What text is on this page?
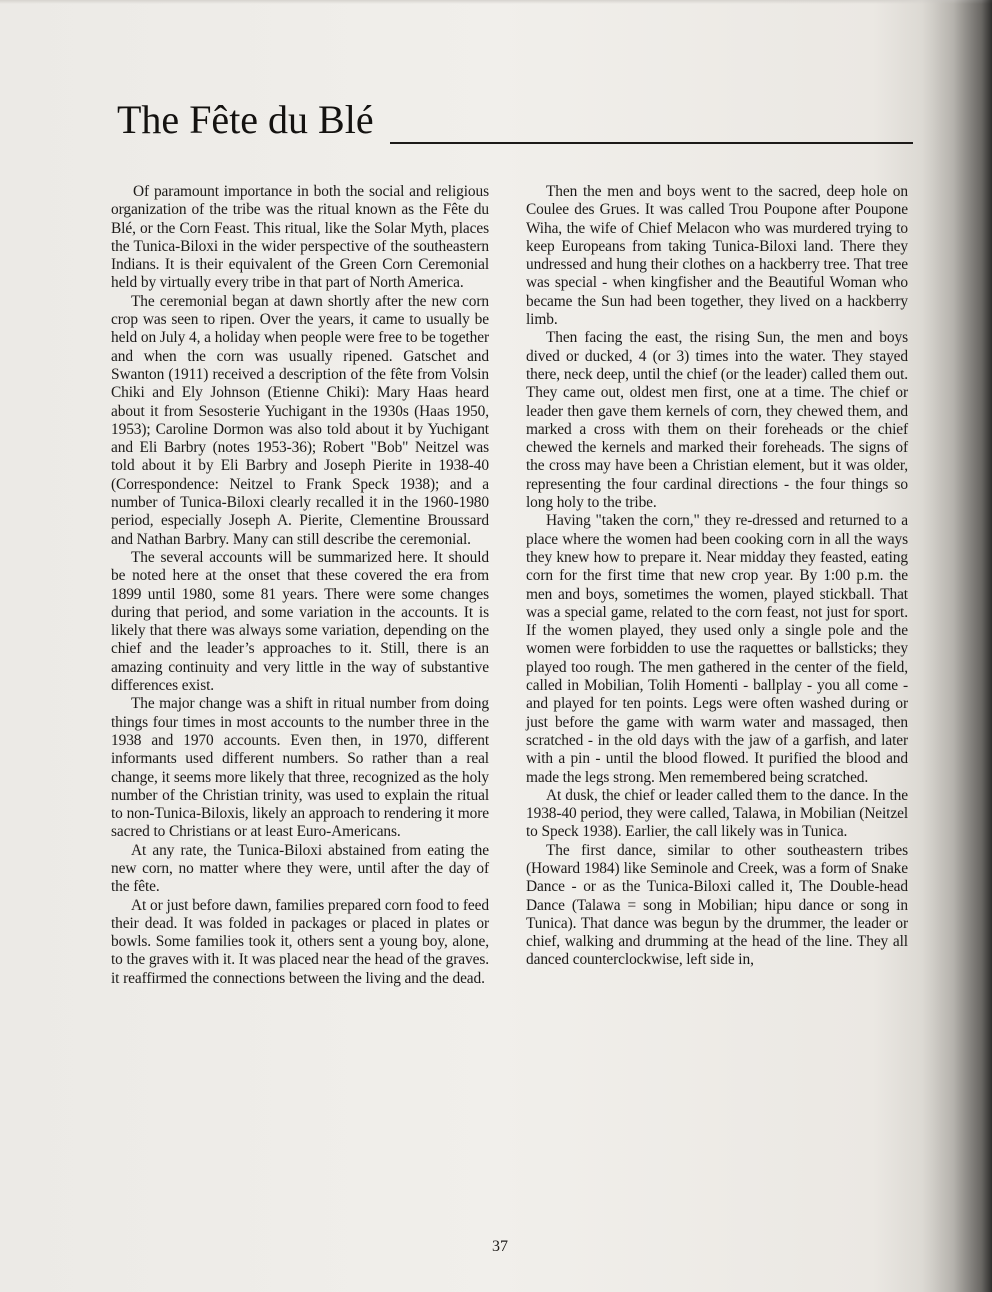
The Fête du Blé

Of paramount importance in both the social and religious organization of the tribe was the ritual known as the Fête du Blé, or the Corn Feast. This ritual, like the Solar Myth, places the Tunica-Biloxi in the wider perspective of the southeastern Indians. It is their equivalent of the Green Corn Ceremonial held by virtually every tribe in that part of North America.

The ceremonial began at dawn shortly after the new corn crop was seen to ripen. Over the years, it came to usually be held on July 4, a holiday when people were free to be together and when the corn was usually ripened. Gatschet and Swanton (1911) received a description of the fête from Volsin Chiki and Ely Johnson (Etienne Chiki): Mary Haas heard about it from Sesosterie Yuchigant in the 1930s (Haas 1950, 1953); Caroline Dormon was also told about it by Yuchigant and Eli Barbry (notes 1953-36); Robert "Bob" Neitzel was told about it by Eli Barbry and Joseph Pierite in 1938-40 (Correspondence: Neitzel to Frank Speck 1938); and a number of Tunica-Biloxi clearly recalled it in the 1960-1980 period, especially Joseph A. Pierite, Clementine Broussard and Nathan Barbry. Many can still describe the ceremonial.

The several accounts will be summarized here. It should be noted here at the onset that these covered the era from 1899 until 1980, some 81 years. There were some changes during that period, and some variation in the accounts. It is likely that there was always some variation, depending on the chief and the leader’s approaches to it. Still, there is an amazing continuity and very little in the way of substantive differences exist.

The major change was a shift in ritual number from doing things four times in most accounts to the number three in the 1938 and 1970 accounts. Even then, in 1970, different informants used different numbers. So rather than a real change, it seems more likely that three, recognized as the holy number of the Christian trinity, was used to explain the ritual to non-Tunica-Biloxis, likely an approach to rendering it more sacred to Christians or at least Euro-Americans.

At any rate, the Tunica-Biloxi abstained from eating the new corn, no matter where they were, until after the day of the fête.

At or just before dawn, families prepared corn food to feed their dead. It was folded in packages or placed in plates or bowls. Some families took it, others sent a young boy, alone, to the graves with it. It was placed near the head of the graves. it reaffirmed the connections between the living and the dead.

Then the men and boys went to the sacred, deep hole on Coulee des Grues. It was called Trou Poupone after Poupone Wiha, the wife of Chief Melacon who was murdered trying to keep Europeans from taking Tunica-Biloxi land. There they undressed and hung their clothes on a hackberry tree. That tree was special - when kingfisher and the Beautiful Woman who became the Sun had been together, they lived on a hackberry limb.

Then facing the east, the rising Sun, the men and boys dived or ducked, 4 (or 3) times into the water. They stayed there, neck deep, until the chief (or the leader) called them out. They came out, oldest men first, one at a time. The chief or leader then gave them kernels of corn, they chewed them, and marked a cross with them on their foreheads or the chief chewed the kernels and marked their foreheads. The signs of the cross may have been a Christian element, but it was older, representing the four cardinal directions - the four things so long holy to the tribe.

Having "taken the corn," they re-dressed and returned to a place where the women had been cooking corn in all the ways they knew how to prepare it. Near midday they feasted, eating corn for the first time that new crop year. By 1:00 p.m. the men and boys, sometimes the women, played stickball. That was a special game, related to the corn feast, not just for sport. If the women played, they used only a single pole and the women were forbidden to use the raquettes or ballsticks; they played too rough. The men gathered in the center of the field, called in Mobilian, Tolih Homenti - ballplay - you all come - and played for ten points. Legs were often washed during or just before the game with warm water and massaged, then scratched - in the old days with the jaw of a garfish, and later with a pin - until the blood flowed. It purified the blood and made the legs strong. Men remembered being scratched.

At dusk, the chief or leader called them to the dance. In the 1938-40 period, they were called, Talawa, in Mobilian (Neitzel to Speck 1938). Earlier, the call likely was in Tunica.

The first dance, similar to other southeastern tribes (Howard 1984) like Seminole and Creek, was a form of Snake Dance - or as the Tunica-Biloxi called it, The Double-head Dance (Talawa = song in Mobilian; hipu dance or song in Tunica). That dance was begun by the drummer, the leader or chief, walking and drumming at the head of the line. They all danced counterclockwise, left side in,

37
